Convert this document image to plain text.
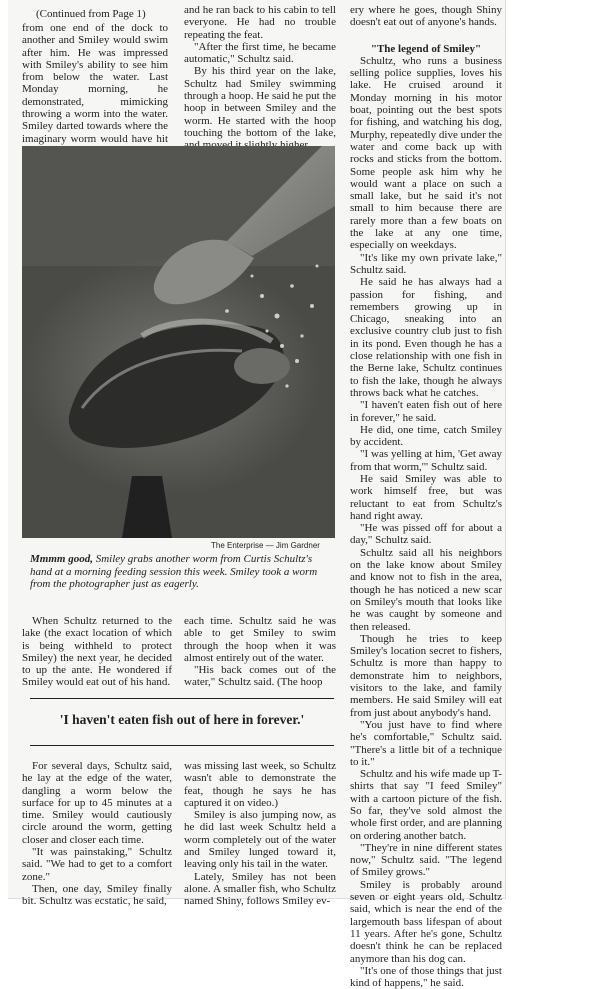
(Continued from Page 1)

from one end of the dock to another and Smiley would swim after him. He was impressed with Smiley's ability to see him from below the water. Last Monday morning, he demonstrated, mimicking throwing a worm into the water. Smiley darted towards where the imaginary worm would have hit

and he ran back to his cabin to tell everyone. He had no trouble repeating the feat.

"After the first time, he became automatic," Schultz said.

By his third year on the lake, Schultz had Smiley swimming through a hoop. He said he put the hoop in between Smiley and the worm. He started with the hoop touching the bottom of the lake,

ery where he goes, though Shiny doesn't eat out of anyone's hands.

"The legend of Smiley"

Schultz, who runs a business selling police supplies, loves his lake. He cruised around it Monday morning in his motor boat, pointing out the best spots for fishing, and watching his dog, Murphy, repeatedly dive under the water and come back up with rocks and sticks from the bottom. Some people ask him why he would want a place on such a small lake, but he said it's not small to him because there are rarely more than a few boats on the lake at any one time, especially on weekdays.

"It's like my own private lake," Schultz said.

He said he has always had a passion for fishing, and remembers growing up in Chicago, sneaking into an exclusive country club just to fish in its pond. Even though he has a close relationship with one fish in the Berne lake, Schultz continues to fish the lake, though he always throws back what he catches.

"I haven't eaten fish out of here in forever," he said.

He did, one time, catch Smiley by accident.

"I was yelling at him, 'Get away from that worm,'" Schultz said.

He said Smiley was able to work himself free, but was reluctant to eat from Schultz's hand right away.

"He was pissed off for about a day," Schultz said.

Schultz said all his neighbors on the lake know about Smiley and know not to fish in the area, though he has noticed a new scar on Smiley's mouth that looks like he was caught by someone and then released.

Though he tries to keep Smiley's location secret to fishers, Schultz is more than happy to demonstrate him to neighbors, visitors to the lake, and family members. He said Smiley will eat from just about anybody's hand.

"You just have to find where he's comfortable," Schultz said. "There's a little bit of a technique to it."

Schultz and his wife made up T-shirts that say "I feed Smiley" with a cartoon picture of the fish. So far, they've sold almost the whole first order, and are planning on ordering another batch.

"They're in nine different states now," Schultz said. "The legend of Smiley grows."

Smiley is probably around seven or eight years old, Schultz said, which is near the end of the largemouth bass lifespan of about 11 years. After he's gone, Schultz doesn't think he can be replaced anymore than his dog can.

"It's one of those things that just kind of happens," he said.

The Enterprise — Jim Gardner
Mmmm good, Smiley grabs another worm from Curtis Schultz's hand at a morning feeding session this week. Smiley took a worm from the photographer just as eagerly.

When Schultz returned to the lake (the exact location of which is being withheld to protect Smiley) the next year, he decided to up the ante. He wondered if Smiley would eat out of his hand.

each time. Schultz said he was able to get Smiley to swim through the hoop when it was almost entirely out of the water.

"His back comes out of the water," Schultz said. (The hoop

'I haven't eaten fish out of here in forever.'

For several days, Schultz said, he lay at the edge of the water, dangling a worm below the surface for up to 45 minutes at a time. Smiley would cautiously circle around the worm, getting closer and closer each time.

"It was painstaking," Schultz said. "We had to get to a comfort zone."

Then, one day, Smiley finally bit. Schultz was ecstatic, he said,

was missing last week, so Schultz wasn't able to demonstrate the feat, though he says he has captured it on video.)

Smiley is also jumping now, as he did last week Schultz held a worm completely out of the water and Smiley lunged toward it, leaving only his tail in the water.

Lately, Smiley has not been alone. A smaller fish, who Schultz named Shiny, follows Smiley ev-
